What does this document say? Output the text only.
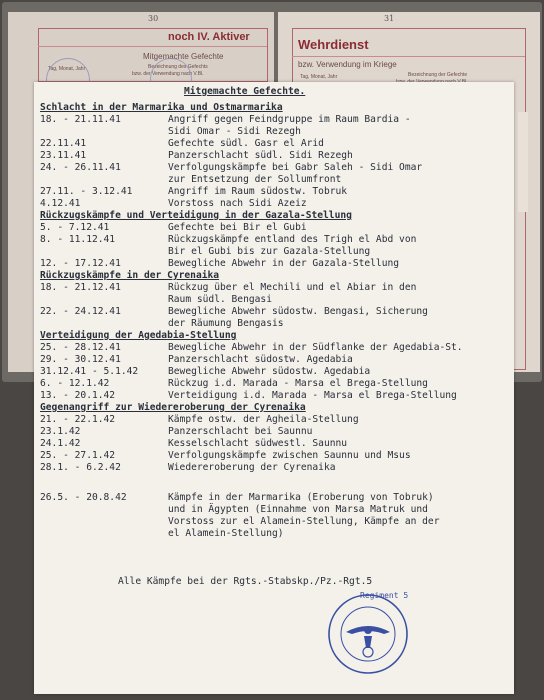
30
noch IV. Aktiver
Mitgemachte Gefechte
Tag, Monat, Jahr	Bezeichnung des Gefechts
bzw. der Verwendung nach V.Bl.
31
Wehrdienst
bzw. Verwendung im Kriege
Tag, Monat, Jahr	Bezeichnung der Gefechte
Mitgemachte Gefechte.
Schlacht in der Marmarika und Ostmarmarika
18. - 21.11.41	Angriff gegen Feindgruppe im Raum Bardia -
Sidi Omar - Sidi Rezegh
22.11.41	Gefechte südl. Gasr el Arid
23.11.41	Panzerschlacht südl. Sidi Rezegh
24. - 26.11.41	Verfolgungskämpfe bei Gabr Saleh - Sidi Omar
zur Entsetzung der Sollumfront
27.11. - 3.12.41	Angriff im Raum südostw. Tobruk
4.12.41	Vorstoss nach Sidi Azeiz
Rückzugskämpfe und Verteidigung in der Gazala-Stellung
5. - 7.12.41	Gefechte bei Bir el Gubi
8. - 11.12.41	Rückzugskämpfe entland des Trigh el Abd von
Bir el Gubi bis zur Gazala-Stellung
12. - 17.12.41	Bewegliche Abwehr in der Gazala-Stellung
Rückzugskämpfe in der Cyrenaika
18. - 21.12.41	Rückzug über el Mechili und el Abiar in den
Raum südl. Bengasi
22. - 24.12.41	Bewegliche Abwehr südostw. Bengasi, Sicherung
der Räumung Bengasis
Verteidigung der Agedabia-Stellung
25. - 28.12.41	Bewegliche Abwehr in der Südflanke der Agedabia-St.
29. - 30.12.41	Panzerschlacht südostw. Agedabia
31.12.41 - 5.1.42	Bewegliche Abwehr südostw. Agedabia
6. - 12.1.42	Rückzug i.d. Marada - Marsa el Brega-Stellung
13. - 20.1.42	Verteidigung i.d. Marada - Marsa el Brega-Stellung
Gegenangriff zur Wiedereroberung der Cyrenaika
21. - 22.1.42	Kämpfe ostw. der Agheila-Stellung
23.1.42	Panzerschlacht bei Saunnu
24.1.42	Kesselschlacht südwestl. Saunnu
25. - 27.1.42	Verfolgungskämpfe zwischen Saunnu und Msus
28.1. - 6.2.42	Wiedereroberung der Cyrenaika
26.5. - 20.8.42	Kämpfe in der Marmarika (Eroberung von Tobruk)
und in Ägypten (Einnahme von Marsa Matruk und
Vorstoss zur el Alamein-Stellung, Kämpfe an der
el Alamein-Stellung)
Alle Kämpfe bei der Rgts.-Stabskp./Pz.-Rgt.5
Regiment 5
